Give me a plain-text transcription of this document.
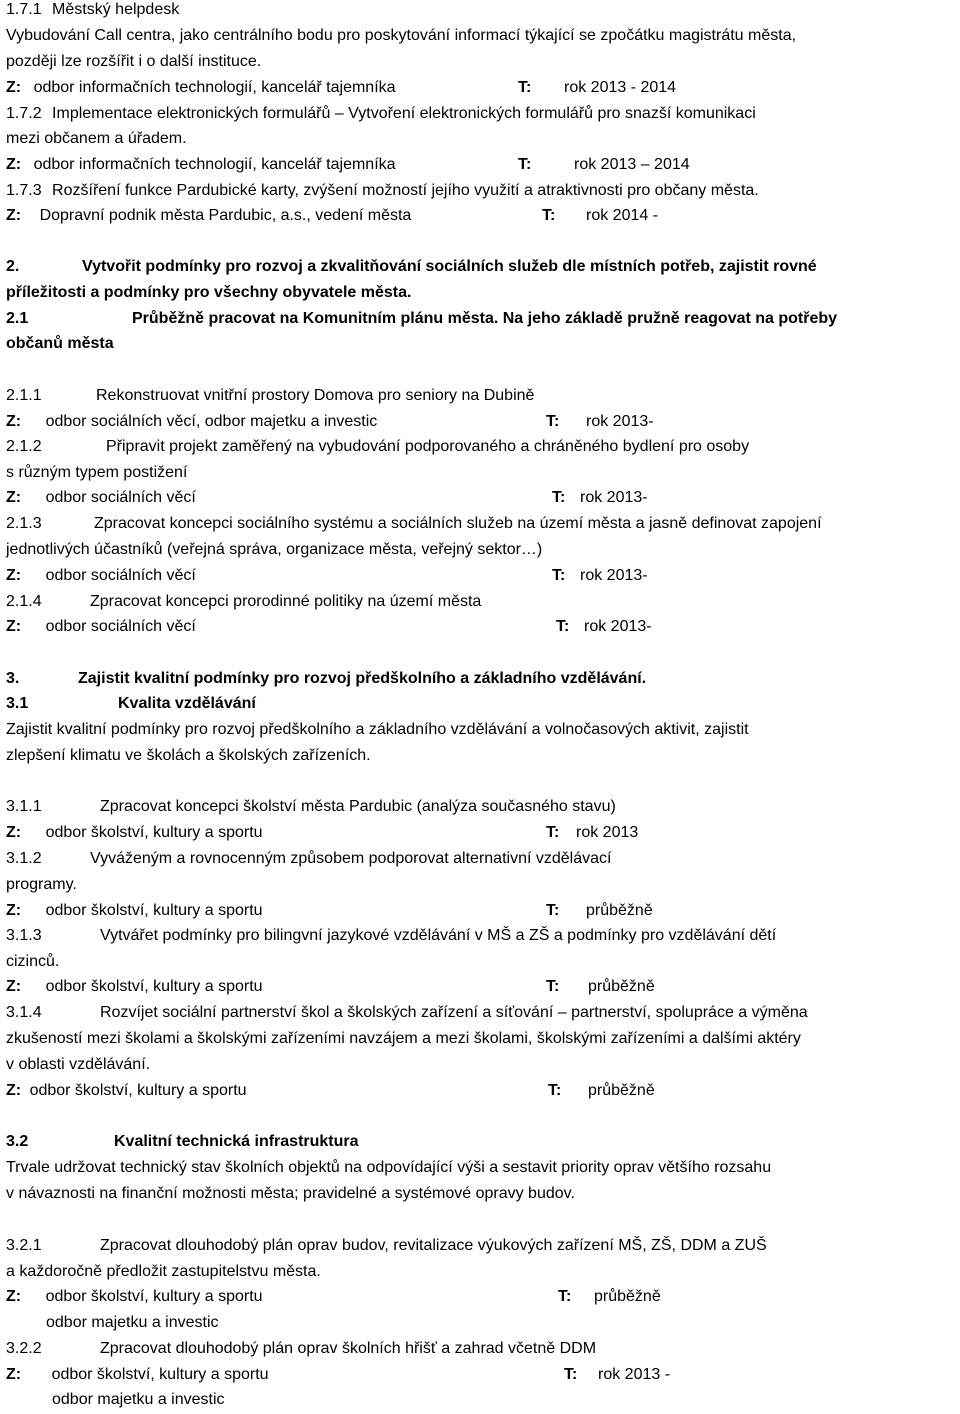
1.7.1 Městský helpdesk
Vybudování Call centra, jako centrálního bodu pro poskytování informací týkající se zpočátku magistrátu města,
později lze rozšířit i o další instituce.
Z: odbor informačních technologií, kancelář tajemníka	T: rok 2013 - 2014
1.7.2 Implementace elektronických formulářů – Vytvoření elektronických formulářů pro snazší komunikaci
mezi občanem a úřadem.
Z: odbor informačních technologií, kancelář tajemníka	T:	rok 2013 – 2014
1.7.3 Rozšíření funkce Pardubické karty, zvýšení možností jejího využití a atraktivnosti pro občany města.
Z: Dopravní podnik města Pardubic, a.s., vedení města	T: rok 2014 -
2.	Vytvořit podmínky pro rozvoj a zkvalitňování sociálních služeb dle místních potřeb, zajistit rovné
příležitosti a podmínky pro všechny obyvatele města.
2.1	Průběžně pracovat na Komunitním plánu města. Na jeho základě pružně reagovat na potřeby
občanů města
2.1.1	Rekonstruovat vnitřní prostory Domova pro seniory na Dubině
Z: odbor sociálních věcí, odbor majetku a investic	T: rok 2013-
2.1.2	Připravit projekt zaměřený na vybudování podporovaného a chráněného bydlení pro osoby
s různým typem postižení
Z: odbor sociálních věcí	T: rok 2013-
2.1.3	Zpracovat koncepci sociálního systému a sociálních služeb na území města a jasně definovat zapojení
jednotlivých účastníků (veřejná správa, organizace města, veřejný sektor…)
Z: odbor sociálních věcí	T: rok 2013-
2.1.4	Zpracovat koncepci prorodinné politiky na území města
Z: odbor sociálních věcí	T: rok 2013-
3.	Zajistit kvalitní podmínky pro rozvoj předškolního a základního vzdělávání.
3.1	Kvalita vzdělávání
Zajistit kvalitní podmínky pro rozvoj předškolního a základního vzdělávání a volnočasových aktivit, zajistit
zlepšení klimatu ve školách a školských zařízeních.
3.1.1	Zpracovat koncepci školství města Pardubic (analýza současného stavu)
Z: odbor školství, kultury a sportu	T: rok 2013
3.1.2	Vyváženým a rovnocenným způsobem podporovat alternativní vzdělávací
programy.
Z: odbor školství, kultury a sportu	T: průběžně
3.1.3	Vytvářet podmínky pro bilingvní jazykové vzdělávání v MŠ a ZŠ a podmínky pro vzdělávání dětí
cizinců.
Z: odbor školství, kultury a sportu	T: průběžně
3.1.4	Rozvíjet sociální partnerství škol a školských zařízení a síťování – partnerství, spolupráce a výměna
zkušeností mezi školami a školskými zařízeními navzájem a mezi školami, školskými zařízeními a dalšími aktéry
v oblasti vzdělávání.
Z: odbor školství, kultury a sportu	T: průběžně
3.2	Kvalitní technická infrastruktura
Trvale udržovat technický stav školních objektů na odpovídající výši a sestavit priority oprav většího rozsahu
v návaznosti na finanční možnosti města; pravidelné a systémové opravy budov.
3.2.1	Zpracovat dlouhodobý plán oprav budov, revitalizace výukových zařízení MŠ, ZŠ, DDM a ZUŠ
a každoročně předložit zastupitelstvu města.
Z: odbor školství, kultury a sportu	T: průběžně
odbor majetku a investic
3.2.2	Zpracovat dlouhodobý plán oprav školních hřišť a zahrad včetně DDM
Z: odbor školství, kultury a sportu	T: rok 2013 -
odbor majetku a investic
